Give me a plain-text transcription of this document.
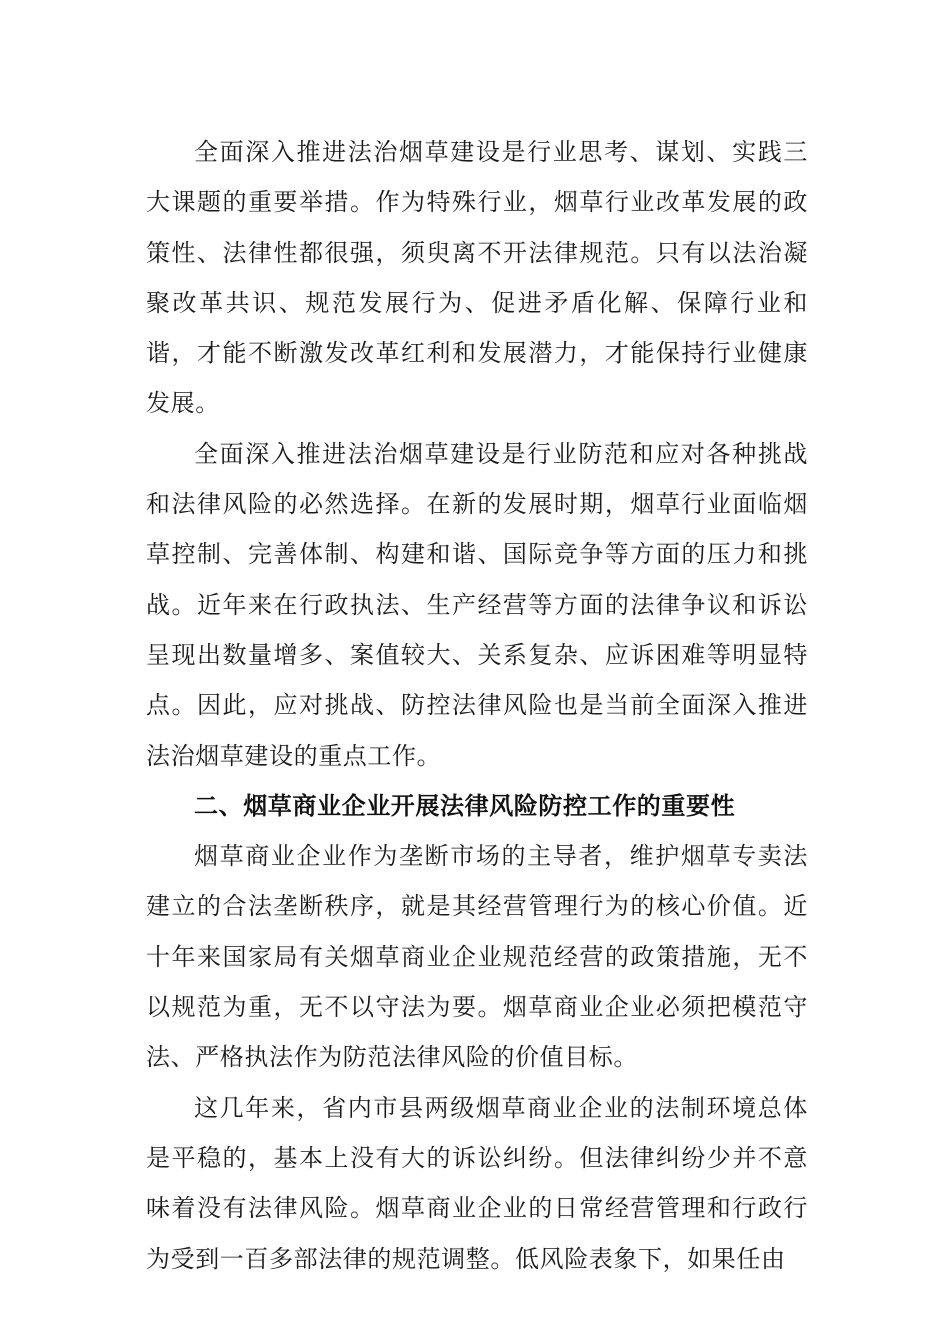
全面深入推进法治烟草建设是行业思考、谋划、实践三大课题的重要举措。作为特殊行业，烟草行业改革发展的政策性、法律性都很强，须臾离不开法律规范。只有以法治凝聚改革共识、规范发展行为、促进矛盾化解、保障行业和谐，才能不断激发改革红利和发展潜力，才能保持行业健康发展。

全面深入推进法治烟草建设是行业防范和应对各种挑战和法律风险的必然选择。在新的发展时期，烟草行业面临烟草控制、完善体制、构建和谐、国际竞争等方面的压力和挑战。近年来在行政执法、生产经营等方面的法律争议和诉讼呈现出数量增多、案值较大、关系复杂、应诉困难等明显特点。因此，应对挑战、防控法律风险也是当前全面深入推进法治烟草建设的重点工作。

二、烟草商业企业开展法律风险防控工作的重要性

烟草商业企业作为垄断市场的主导者，维护烟草专卖法建立的合法垄断秩序，就是其经营管理行为的核心价值。近十年来国家局有关烟草商业企业规范经营的政策措施，无不以规范为重，无不以守法为要。烟草商业企业必须把模范守法、严格执法作为防范法律风险的价值目标。

这几年来，省内市县两级烟草商业企业的法制环境总体是平稳的，基本上没有大的诉讼纠纷。但法律纠纷少并不意味着没有法律风险。烟草商业企业的日常经营管理和行政行为受到一百多部法律的规范调整。低风险表象下，如果任由
